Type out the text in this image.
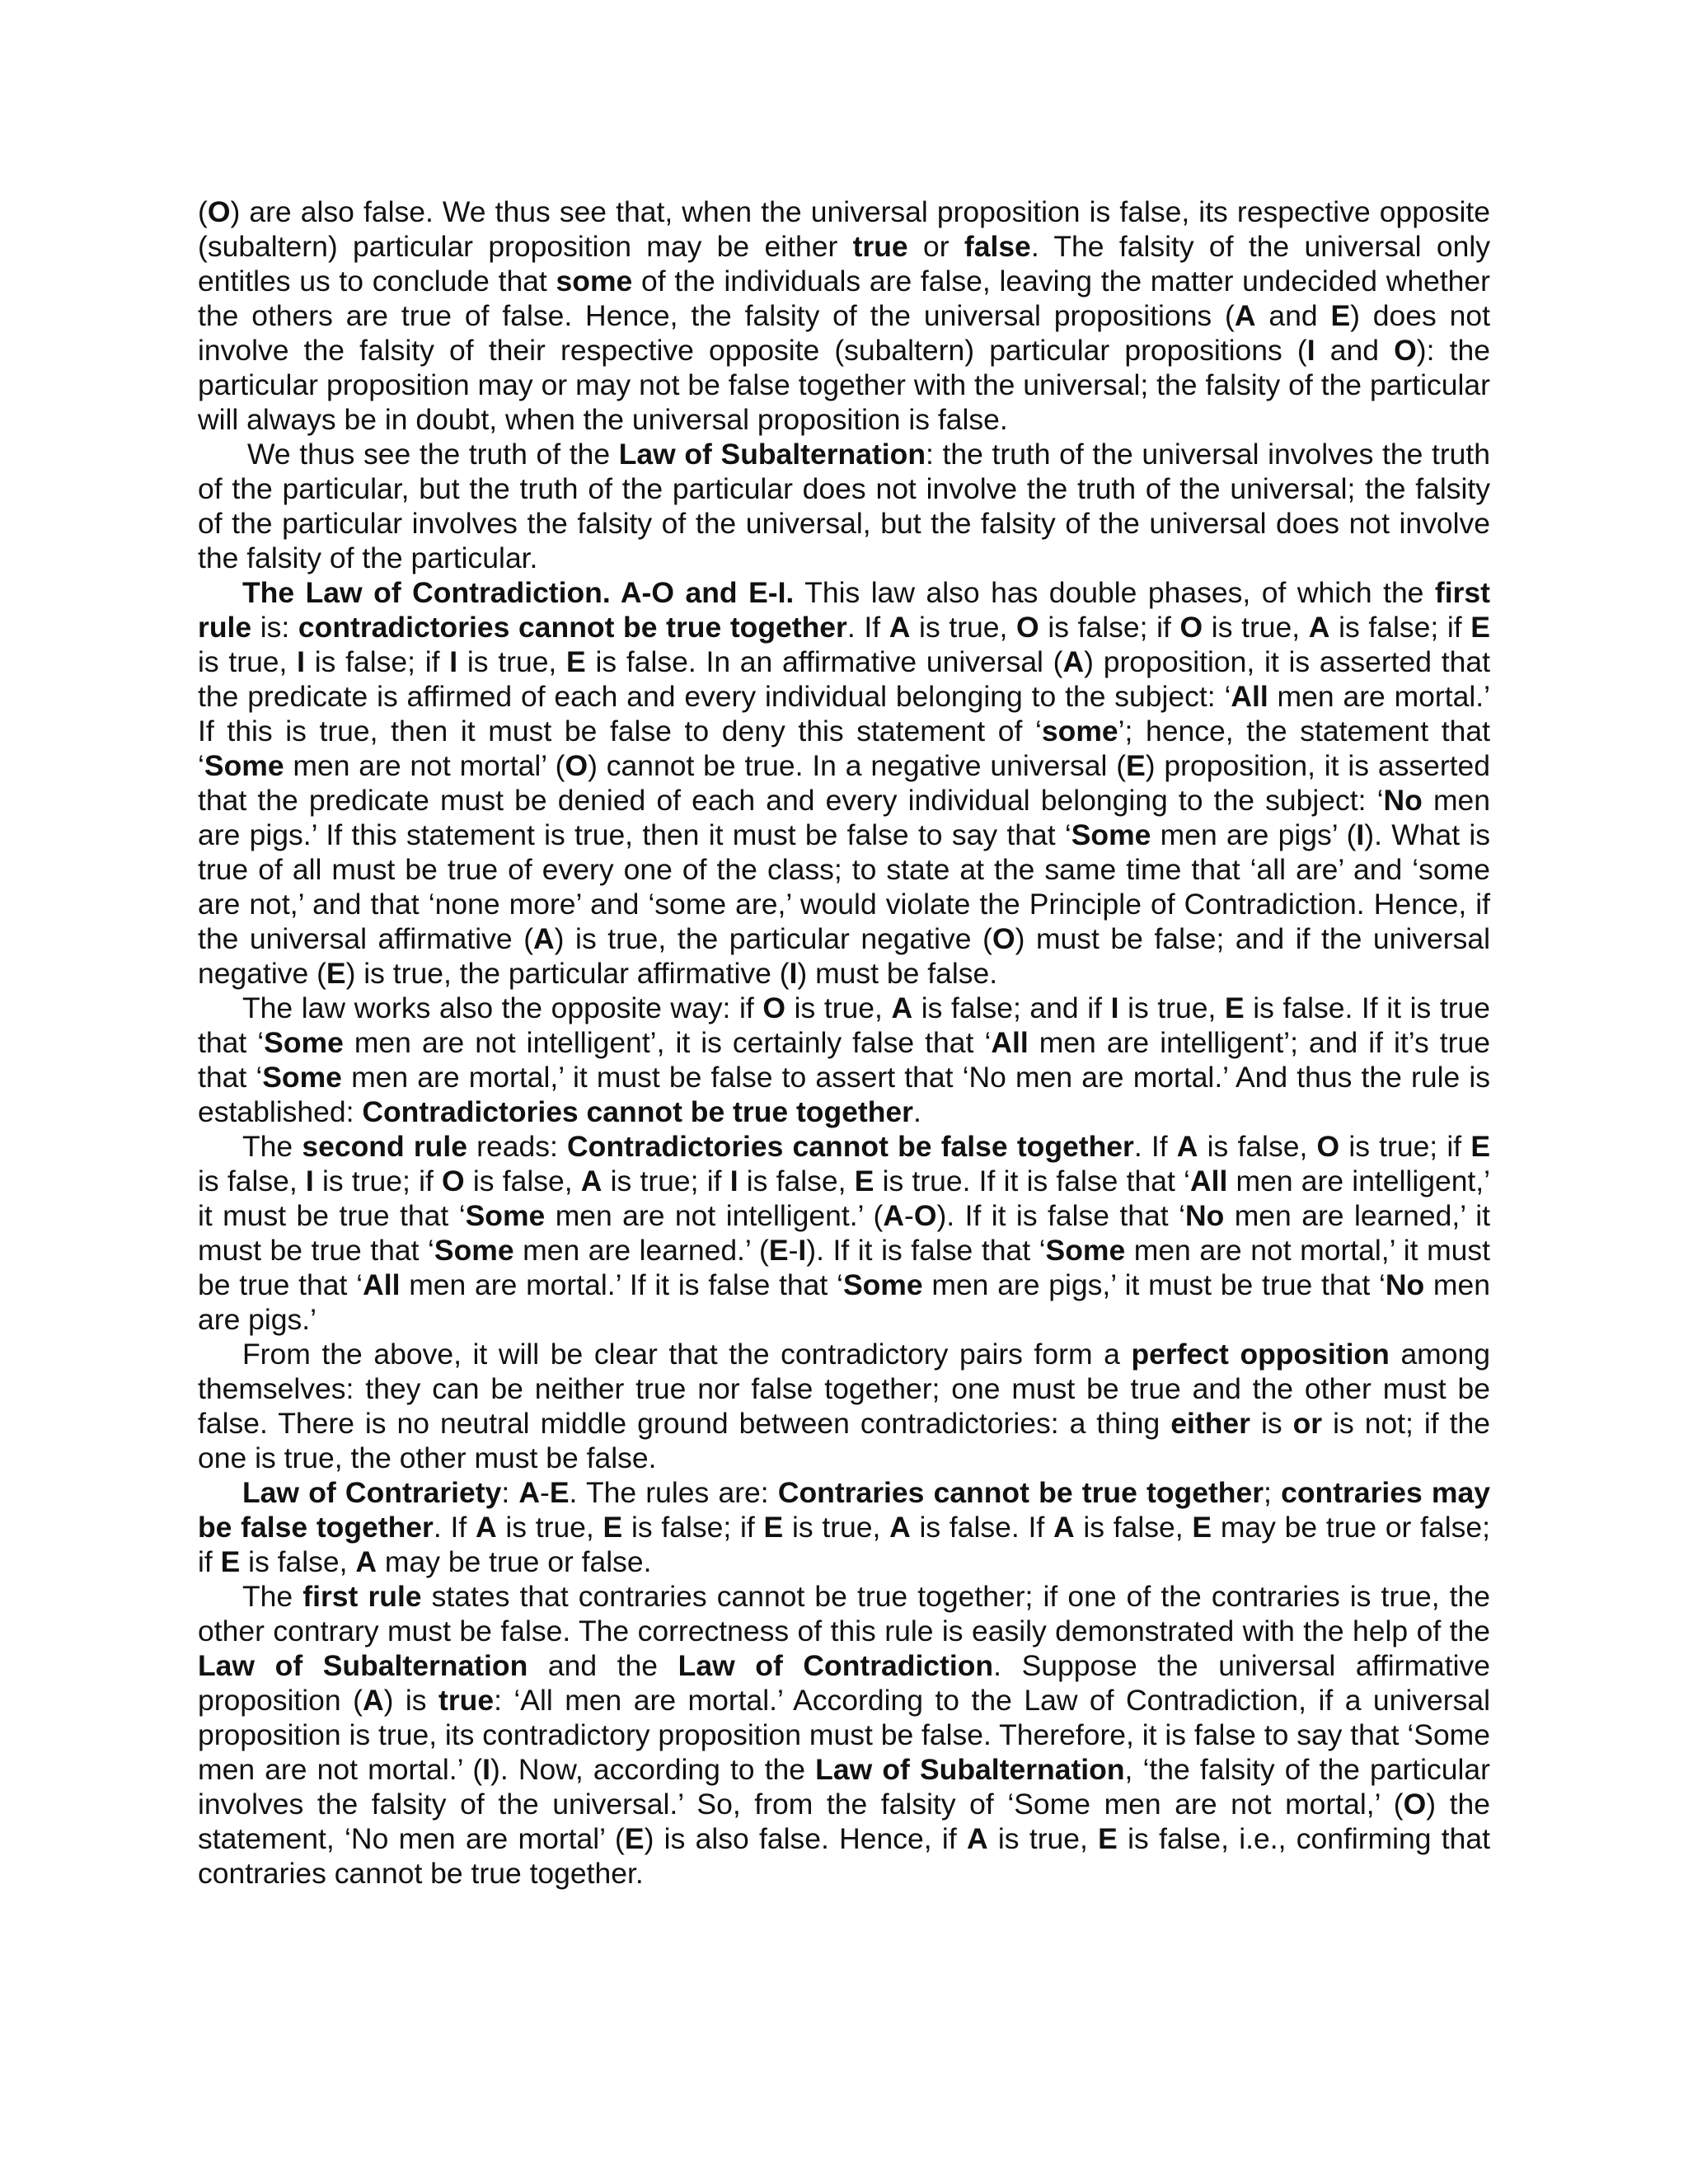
(O) are also false. We thus see that, when the universal proposition is false, its respective opposite (subaltern) particular proposition may be either true or false. The falsity of the universal only entitles us to conclude that some of the individuals are false, leaving the matter undecided whether the others are true of false. Hence, the falsity of the universal propositions (A and E) does not involve the falsity of their respective opposite (subaltern) particular propositions (I and O): the particular proposition may or may not be false together with the universal; the falsity of the particular will always be in doubt, when the universal proposition is false.

We thus see the truth of the Law of Subalternation: the truth of the universal involves the truth of the particular, but the truth of the particular does not involve the truth of the universal; the falsity of the particular involves the falsity of the universal, but the falsity of the universal does not involve the falsity of the particular.

The Law of Contradiction. A-O and E-I. This law also has double phases, of which the first rule is: contradictories cannot be true together. If A is true, O is false; if O is true, A is false; if E is true, I is false; if I is true, E is false. In an affirmative universal (A) proposition, it is asserted that the predicate is affirmed of each and every individual belonging to the subject: ‘All men are mortal.’ If this is true, then it must be false to deny this statement of ‘some’; hence, the statement that ‘Some men are not mortal’ (O) cannot be true. In a negative universal (E) proposition, it is asserted that the predicate must be denied of each and every individual belonging to the subject: ‘No men are pigs.’ If this statement is true, then it must be false to say that ‘Some men are pigs’ (I). What is true of all must be true of every one of the class; to state at the same time that ‘all are’ and ‘some are not,’ and that ‘none more’ and ‘some are,’ would violate the Principle of Contradiction. Hence, if the universal affirmative (A) is true, the particular negative (O) must be false; and if the universal negative (E) is true, the particular affirmative (I) must be false.

The law works also the opposite way: if O is true, A is false; and if I is true, E is false. If it is true that ‘Some men are not intelligent’, it is certainly false that ‘All men are intelligent’; and if it’s true that ‘Some men are mortal,’ it must be false to assert that ‘No men are mortal.’ And thus the rule is established: Contradictories cannot be true together.

The second rule reads: Contradictories cannot be false together. If A is false, O is true; if E is false, I is true; if O is false, A is true; if I is false, E is true. If it is false that ‘All men are intelligent,’ it must be true that ‘Some men are not intelligent.’ (A-O). If it is false that ‘No men are learned,’ it must be true that ‘Some men are learned.’ (E-I). If it is false that ‘Some men are not mortal,’ it must be true that ‘All men are mortal.’ If it is false that ‘Some men are pigs,’ it must be true that ‘No men are pigs.’

From the above, it will be clear that the contradictory pairs form a perfect opposition among themselves: they can be neither true nor false together; one must be true and the other must be false. There is no neutral middle ground between contradictories: a thing either is or is not; if the one is true, the other must be false.

Law of Contrariety: A-E. The rules are: Contraries cannot be true together; contraries may be false together. If A is true, E is false; if E is true, A is false. If A is false, E may be true or false; if E is false, A may be true or false.

The first rule states that contraries cannot be true together; if one of the contraries is true, the other contrary must be false. The correctness of this rule is easily demonstrated with the help of the Law of Subalternation and the Law of Contradiction. Suppose the universal affirmative proposition (A) is true: ‘All men are mortal.’ According to the Law of Contradiction, if a universal proposition is true, its contradictory proposition must be false. Therefore, it is false to say that ‘Some men are not mortal.’ (I). Now, according to the Law of Subalternation, ‘the falsity of the particular involves the falsity of the universal.’ So, from the falsity of ‘Some men are not mortal,’ (O) the statement, ‘No men are mortal’ (E) is also false. Hence, if A is true, E is false, i.e., confirming that contraries cannot be true together.
